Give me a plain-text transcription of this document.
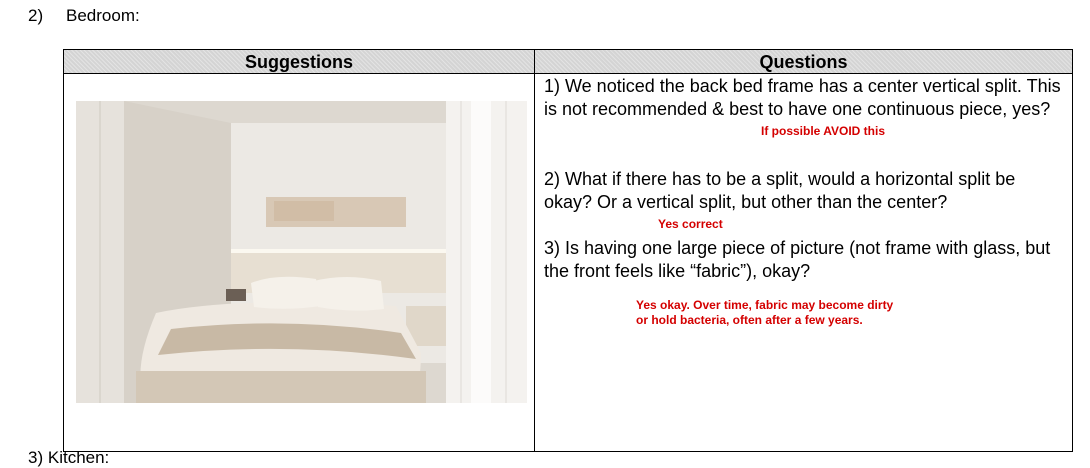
2) Bedroom:
Suggestions	Questions
1) We noticed the back bed frame has a center vertical split. This is not recommended & best to have one continuous piece, yes?
If possible AVOID this
2) What if there has to be a split, would a horizontal split be okay? Or a vertical split, but other than the center?
Yes correct
3) Is having one large piece of picture (not frame with glass, but the front feels like “fabric”), okay?
Yes okay. Over time, fabric may become dirty
or hold bacteria, often after a few years.
3) Kitchen:
